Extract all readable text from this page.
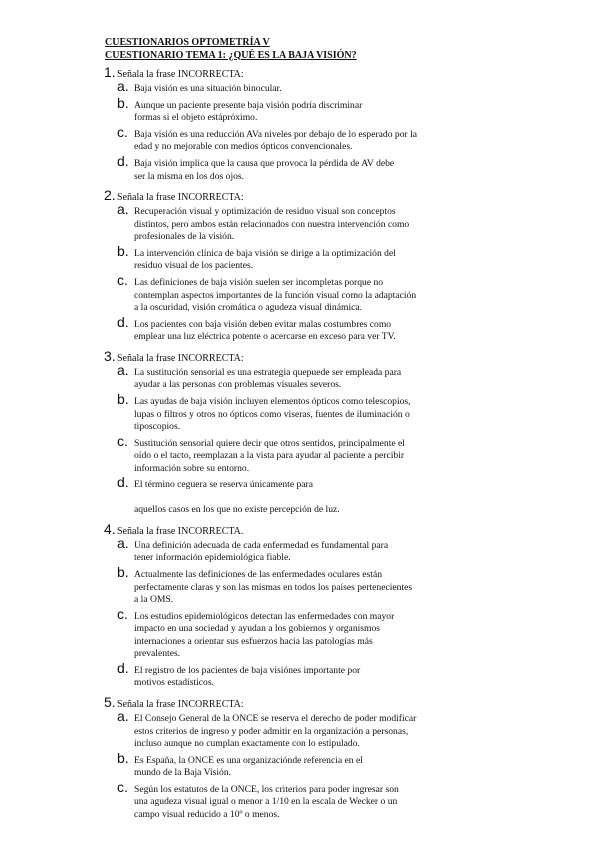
CUESTIONARIOS OPTOMETRÍA V
CUESTIONARIO TEMA 1: ¿QUÉ ES LA BAJA VISIÓN?
1. Señala la frase INCORRECTA:
a. Baja visión es una situación binocular.
b. Aunque un paciente presente baja visión podría discriminar
formas si el objeto estápróximo.
c. Baja visión es una reducción AVa niveles por debajo de lo esperado por la
edad y no mejorable con medios ópticos convencionales.
d. Baja visión implica que la causa que provoca la pérdida de AV debe
ser la misma en los dos ojos.
2. Señala la frase INCORRECTA:
a. Recuperación visual y optimización de residuo visual son conceptos
distintos, pero ambos están relacionados con nuestra intervención como
profesionales de la visión.
b. La intervención clínica de baja visión se dirige a la optimización del
residuo visual de los pacientes.
c. Las definiciones de baja visión suelen ser incompletas porque no
contemplan aspectos importantes de la función visual como la adaptación
a la oscuridad, visión cromática o agudeza visual dinámica.
d. Los pacientes con baja visión deben evitar malas costumbres como
emplear una luz eléctrica potente o acercarse en exceso para ver TV.
3. Señala la frase INCORRECTA:
a. La sustitución sensorial es una estrategia quepuede ser empleada para
ayudar a las personas con problemas visuales severos.
b. Las ayudas de baja visión incluyen elementos ópticos como telescopios,
lupas o filtros y otros no ópticos como viseras, fuentes de iluminación o
tiposcopios.
c. Sustitución sensorial quiere decir que otros sentidos, principalmente el
oído o el tacto, reemplazan a la vista para ayudar al paciente a percibir
información sobre su entorno.
d. El término ceguera se reserva únicamente para

aquellos casos en los que no existe percepción de luz.
4. Señala la frase INCORRECTA.
a. Una definición adecuada de cada enfermedad es fundamental para
tener información epidemiológica fiable.
b. Actualmente las definiciones de las enfermedades oculares están
perfectamente claras y son las mismas en todos los países pertenecientes
a la OMS.
c. Los estudios epidemiológicos detectan las enfermedades con mayor
impacto en una sociedad y ayudan a los gobiernos y organismos
internaciones a orientar sus esfuerzos hacia las patologías más
prevalentes.
d. El registro de los pacientes de baja visiónes importante por
motivos estadísticos.
5. Señala la frase INCORRECTA:
a. El Consejo General de la ONCE se reserva el derecho de poder modificar
estos criterios de ingreso y poder admitir en la organización a personas,
incluso aunque no cumplan exactamente con lo estipulado.
b. Es España, la ONCE es una organizaciónde referencia en el
mundo de la Baja Visión.
c. Según los estatutos de la ONCE, los criterios para poder ingresar son
una agudeza visual igual o menor a 1/10 en la escala de Wecker o un
campo visual reducido a 10º o menos.
